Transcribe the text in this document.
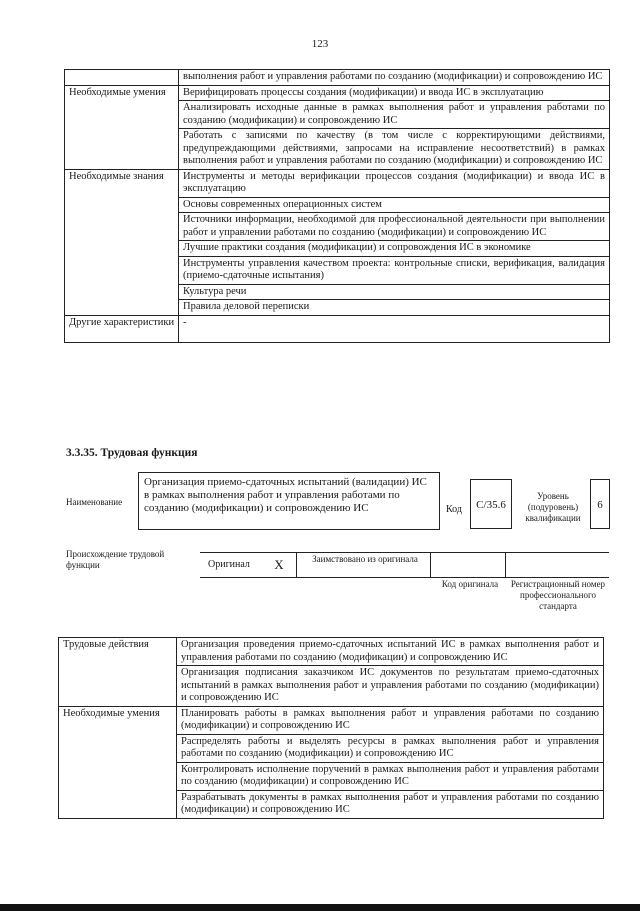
123
	выполнения работ и управления работами по созданию (модификации) и сопровождению ИС
Необходимые умения	Верифицировать процессы создания (модификации) и ввода ИС в эксплуатацию
	Анализировать исходные данные в рамках выполнения работ и управления работами по созданию (модификации) и сопровождению ИС
	Работать с записями по качеству (в том числе с корректирующими действиями, предупреждающими действиями, запросами на исправление несоответствий) в рамках выполнения работ и управления работами по созданию (модификации) и сопровождению ИС
Необходимые знания	Инструменты и методы верификации процессов создания (модификации) и ввода ИС в эксплуатацию
	Основы современных операционных систем
	Источники информации, необходимой для профессиональной деятельности при выполнении работ и управлении работами по созданию (модификации) и сопровождению ИС
	Лучшие практики создания (модификации) и сопровождения ИС в экономике
	Инструменты управления качеством проекта: контрольные списки, верификация, валидация (приемо-сдаточные испытания)
	Культура речи
	Правила деловой переписки
Другие характеристики	-
3.3.35. Трудовая функция
Наименование
Организация приемо-сдаточных испытаний (валидации) ИС в рамках выполнения работ и управления работами по созданию (модификации) и сопровождению ИС	Код	C/35.6
Уровень (подуровень) квалификации
6
Происхождение трудовой функции	Оригинал	X	Заимствовано из оригинала
Код оригинала Регистрационный номер профессионального стандарта
Трудовые действия	Организация проведения приемо-сдаточных испытаний ИС в рамках выполнения работ и управления работами по созданию (модификации) и сопровождению ИС
	Организация подписания заказчиком ИС документов по результатам приемо-сдаточных испытаний в рамках выполнения работ и управления работами по созданию (модификации) и сопровождению ИС
Необходимые умения	Планировать работы в рамках выполнения работ и управления работами по созданию (модификации) и сопровождению ИС
	Распределять работы и выделять ресурсы в рамках выполнения работ и управления работами по созданию (модификации) и сопровождению ИС
	Контролировать исполнение поручений в рамках выполнения работ и управления работами по созданию (модификации) и сопровождению ИС
	Разрабатывать документы в рамках выполнения работ и управления работами по созданию (модификации) и сопровождению ИС
